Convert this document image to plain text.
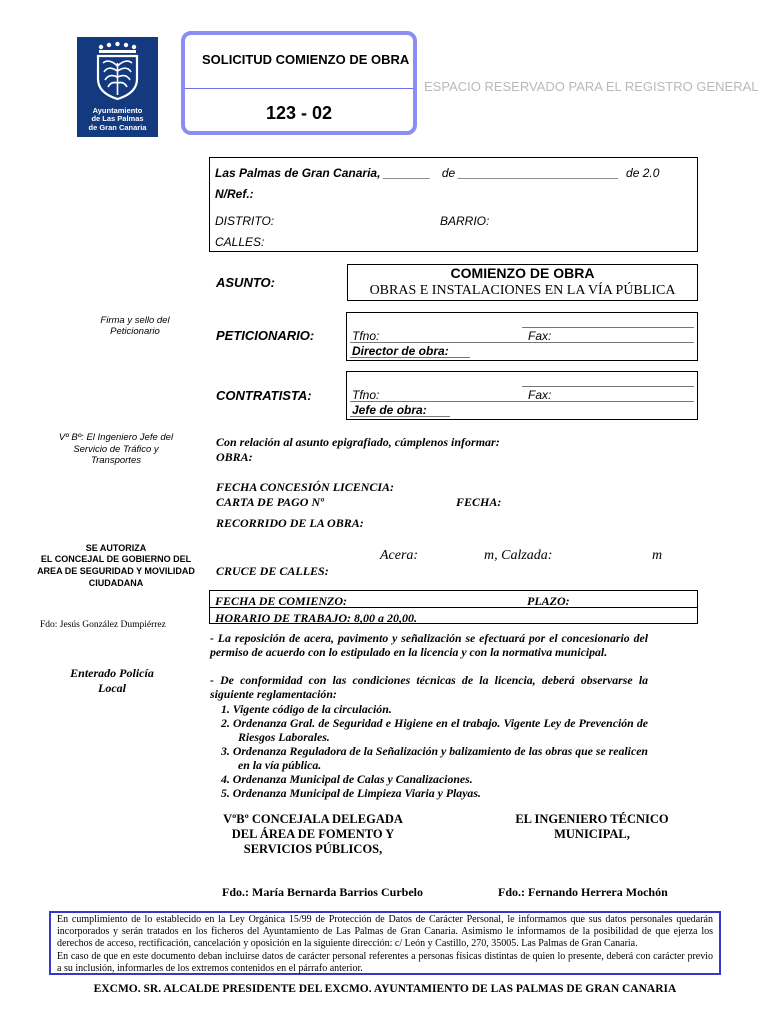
Ayuntamiento
de Las Palmas
de Gran Canaria
SOLICITUD COMIENZO DE OBRA
ESPACIO RESERVADO PARA EL REGISTRO GENERAL
123 - 02
Las Palmas de Gran Canaria, _______ de ________________________ de 2.0
N/Ref.:
DISTRITO:	BARRIO:
CALLES:
ASUNTO:
COMIENZO DE OBRA
OBRAS E INSTALACIONES EN LA VÍA PÚBLICA
Firma y sello del Peticionario
Vº Bº: El Ingeniero Jefe del Servicio de Tráfico y Transportes
SE AUTORIZA
EL CONCEJAL DE GOBIERNO DEL AREA DE SEGURIDAD Y MOVILIDAD CIUDADANA
Fdo: Jesús González Dumpiérrez
Enterado Policía Local
PETICIONARIO:	Tfno:	Fax:
Director de obra:
CONTRATISTA:	Tfno:	Fax:
Jefe de obra:
Con relación al asunto epigrafiado, cúmplenos informar:
OBRA:
FECHA CONCESIÓN LICENCIA:
CARTA DE PAGO Nº	FECHA:
RECORRIDO DE LA OBRA:
Acera:	m, Calzada:	m
CRUCE DE CALLES:
FECHA DE COMIENZO:	PLAZO:
HORARIO DE TRABAJO: 8,00 a 20,00.
- La reposición de acera, pavimento y señalización se efectuará por el concesionario del permiso de acuerdo con lo estipulado en la licencia y con la normativa municipal.
- De conformidad con las condiciones técnicas de la licencia, deberá observarse la siguiente reglamentación:
1. Vigente código de la circulación.
2. Ordenanza Gral. de Seguridad e Higiene en el trabajo. Vigente Ley de Prevención de Riesgos Laborales.
3. Ordenanza Reguladora de la Señalización y balizamiento de las obras que se realicen en la vía pública.
4. Ordenanza Municipal de Calas y Canalizaciones.
5. Ordenanza Municipal de Limpieza Viaria y Playas.
VºBº CONCEJALA DELEGADA DEL ÁREA DE FOMENTO Y SERVICIOS PÚBLICOS,
EL INGENIERO TÉCNICO MUNICIPAL,
Fdo.: María Bernarda Barrios Curbelo	Fdo.: Fernando Herrera Mochón
En cumplimiento de lo establecido en la Ley Orgánica 15/99 de Protección de Datos de Carácter Personal, le informamos que sus datos personales quedarán incorporados y serán tratados en los ficheros del Ayuntamiento de Las Palmas de Gran Canaria. Asimismo le informamos de la posibilidad de que ejerza los derechos de acceso, rectificación, cancelación y oposición en la siguiente dirección: c/ León y Castillo, 270, 35005. Las Palmas de Gran Canaria.
En caso de que en este documento deban incluirse datos de carácter personal referentes a personas físicas distintas de quien lo presente, deberá con carácter previo a su inclusión, informarles de los extremos contenidos en el párrafo anterior.
EXCMO. SR. ALCALDE PRESIDENTE DEL EXCMO. AYUNTAMIENTO DE LAS PALMAS DE GRAN CANARIA
